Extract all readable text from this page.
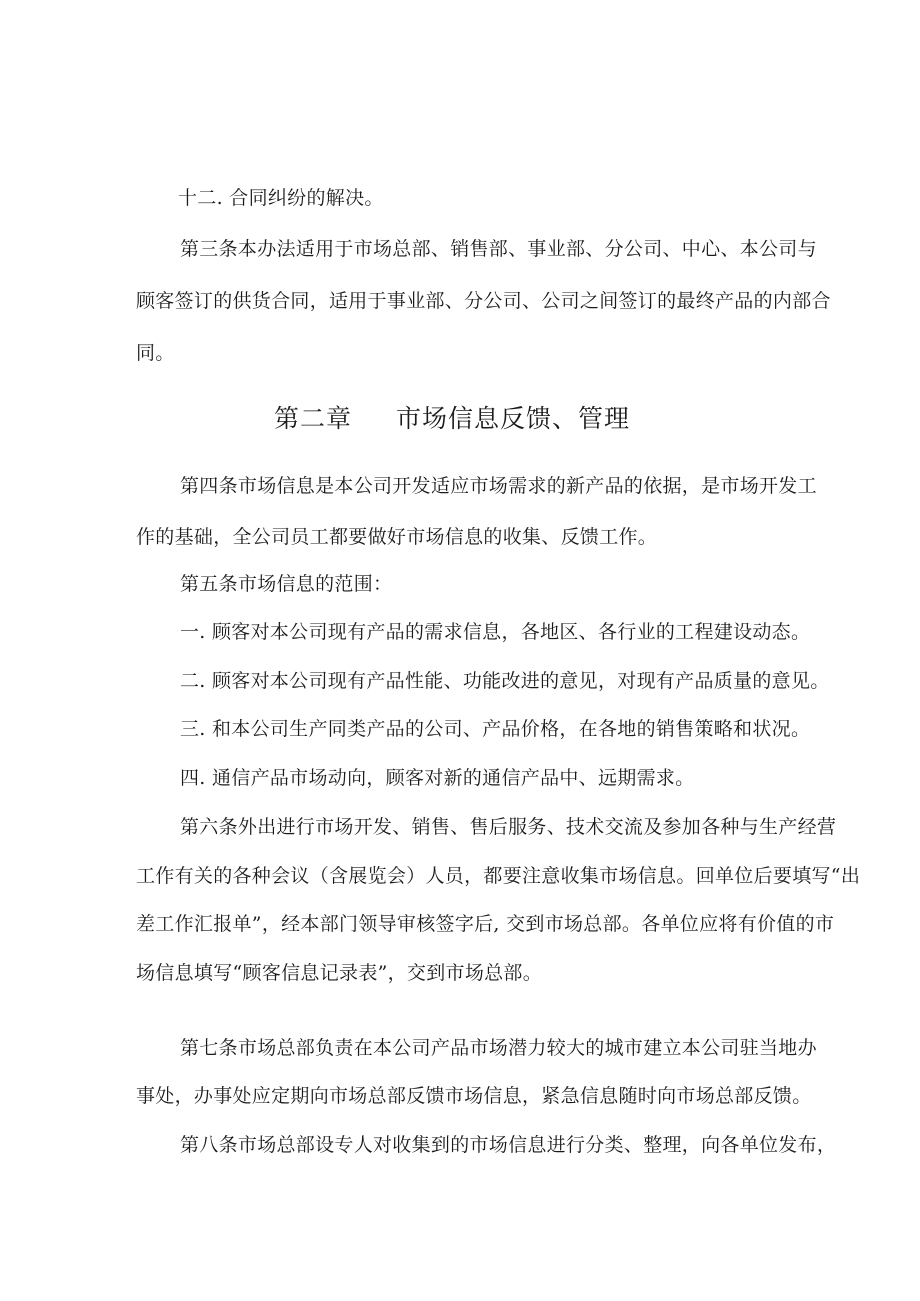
十二. 合同纠纷的解决。
第三条本办法适用于市场总部、销售部、事业部、分公司、中心、本公司与
顾客签订的供货合同，适用于事业部、分公司、公司之间签订的最终产品的内部合
同。
第二章 市场信息反馈、管理
第四条市场信息是本公司开发适应市场需求的新产品的依据，是市场开发工
作的基础，全公司员工都要做好市场信息的收集、反馈工作。
第五条市场信息的范围：
一. 顾客对本公司现有产品的需求信息，各地区、各行业的工程建设动态。
二. 顾客对本公司现有产品性能、功能改进的意见，对现有产品质量的意见。
三. 和本公司生产同类产品的公司、产品价格，在各地的销售策略和状况。
四. 通信产品市场动向，顾客对新的通信产品中、远期需求。
第六条外出进行市场开发、销售、售后服务、技术交流及参加各种与生产经营
工作有关的各种会议（含展览会）人员，都要注意收集市场信息。回单位后要填写“出
差工作汇报单”，经本部门领导审核签字后, 交到市场总部。各单位应将有价值的市
场信息填写“顾客信息记录表”，交到市场总部。
第七条市场总部负责在本公司产品市场潜力较大的城市建立本公司驻当地办
事处，办事处应定期向市场总部反馈市场信息，紧急信息随时向市场总部反馈。
第八条市场总部设专人对收集到的市场信息进行分类、整理，向各单位发布，
